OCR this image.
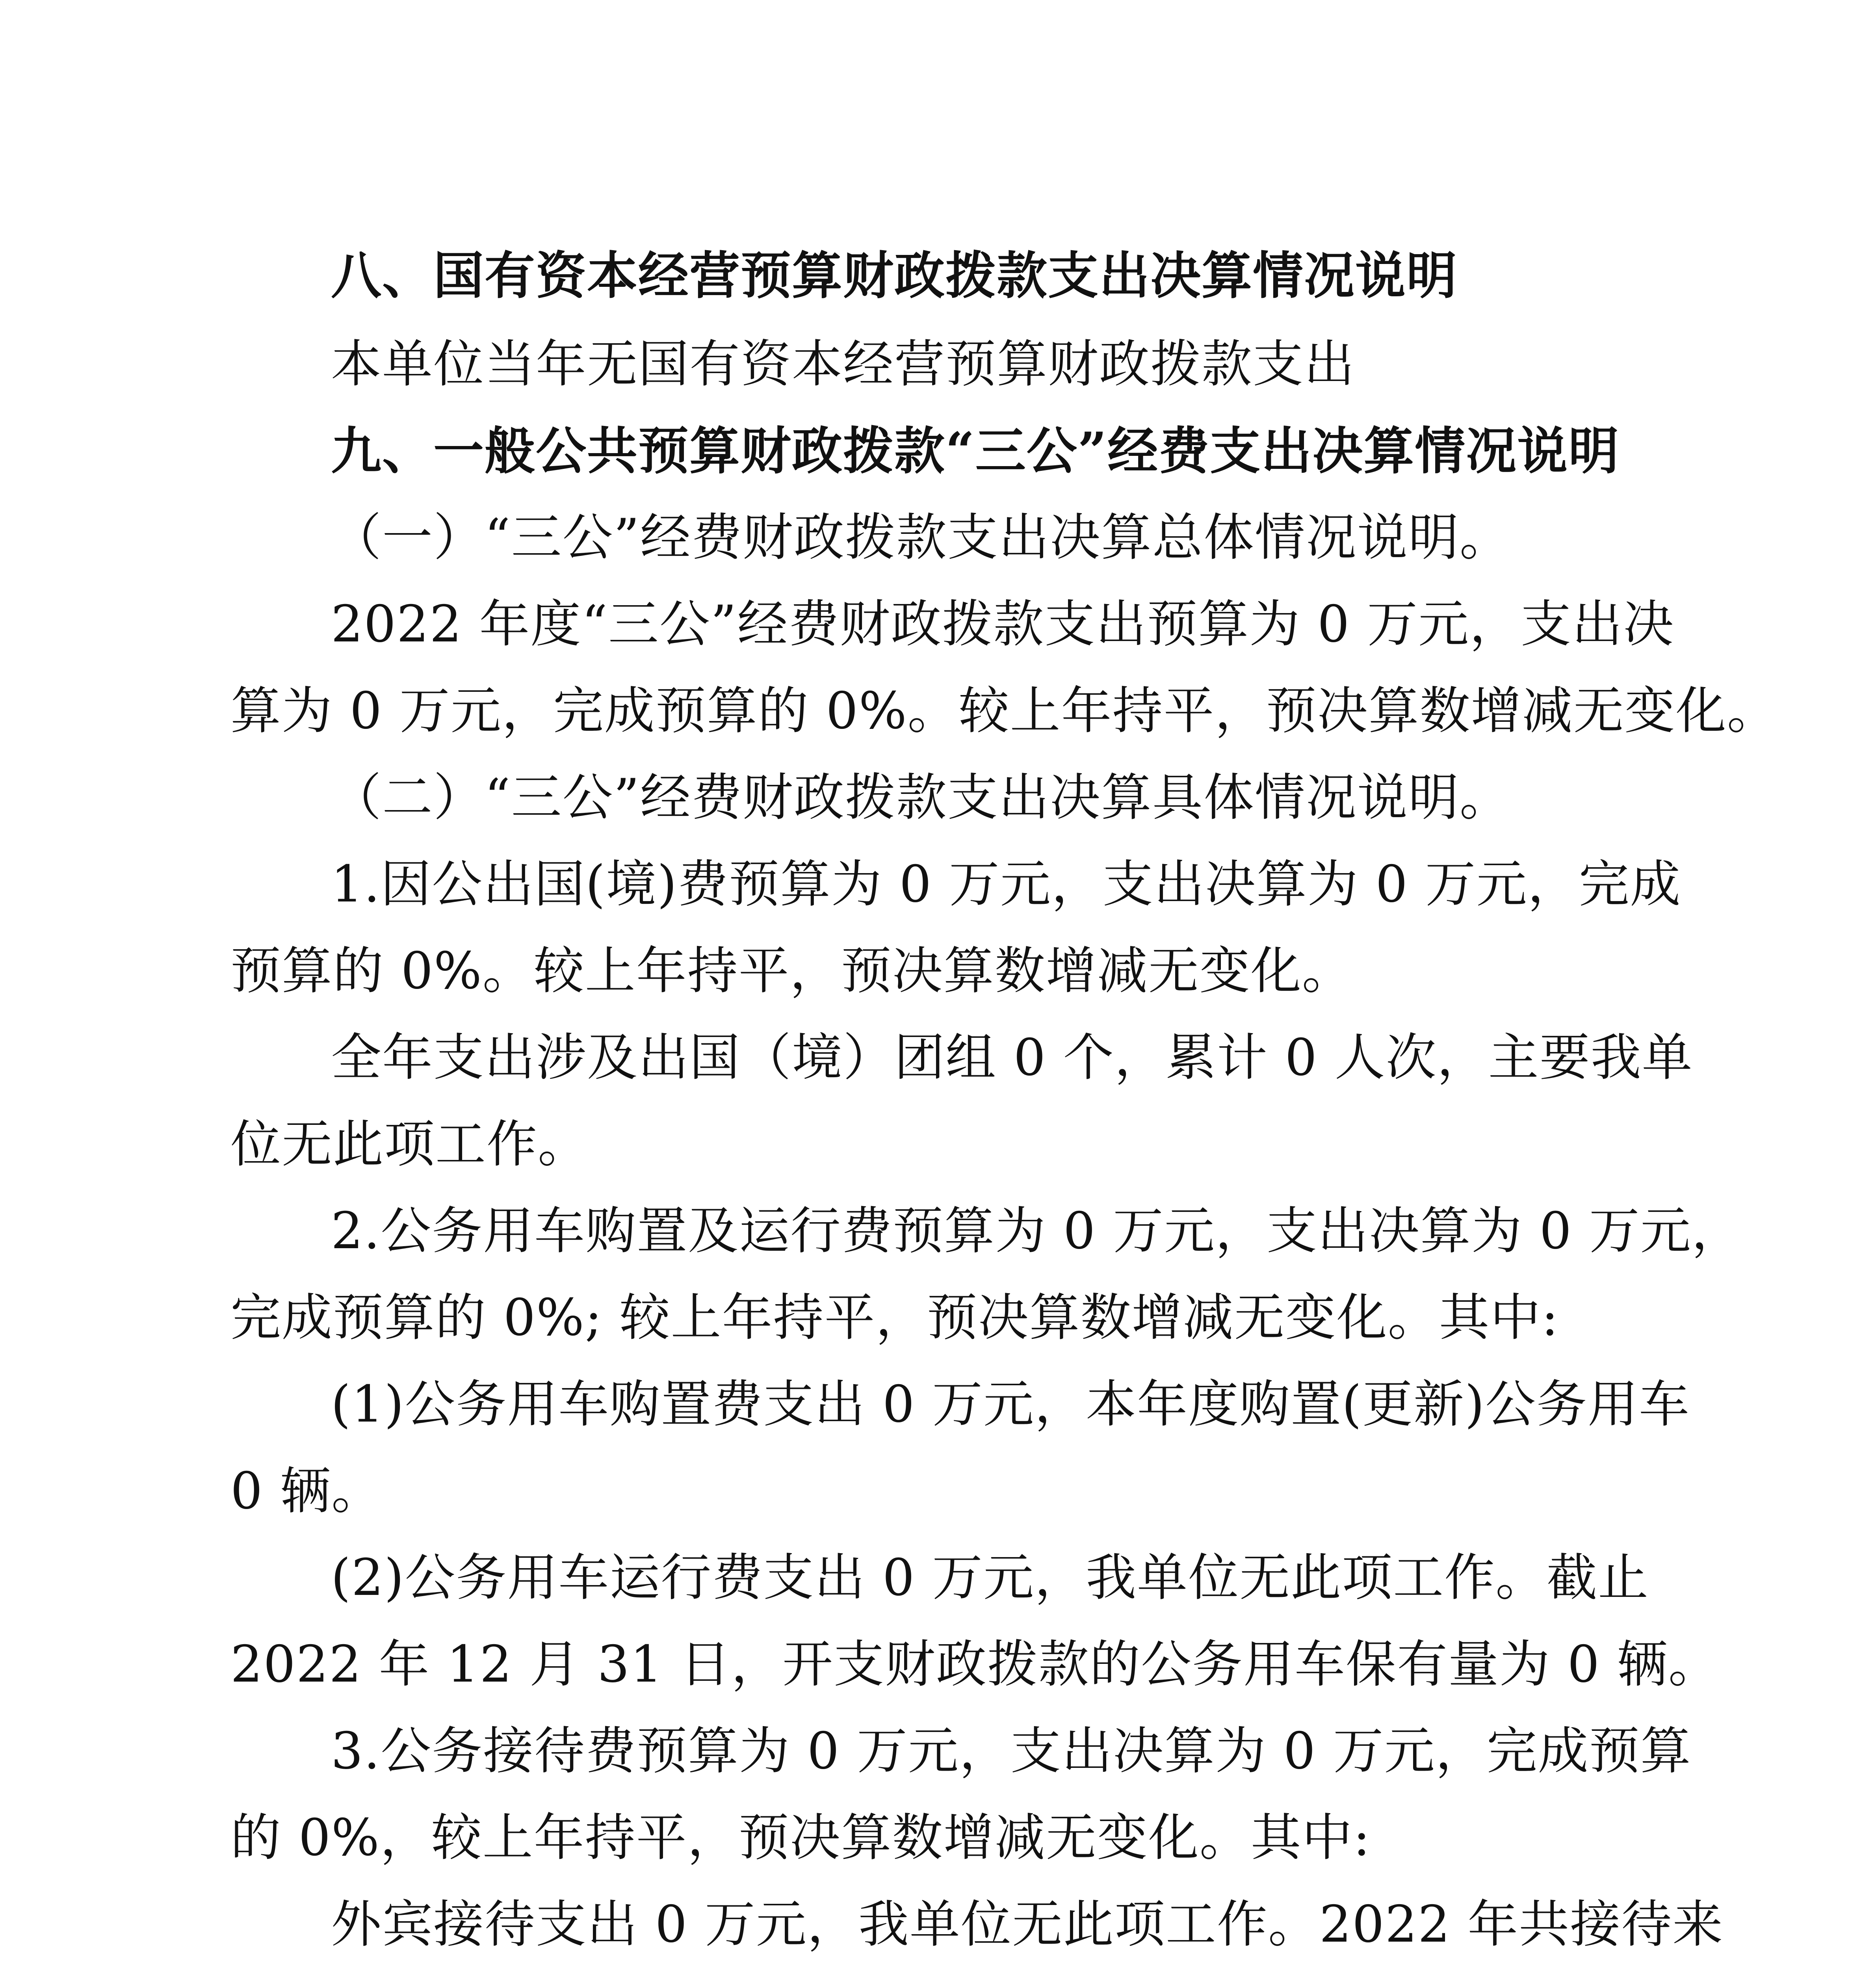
八、国有资本经营预算财政拨款支出决算情况说明
本单位当年无国有资本经营预算财政拨款支出
九、一般公共预算财政拨款“三公”经费支出决算情况说明
（一）“三公”经费财政拨款支出决算总体情况说明。
2022 年度“三公”经费财政拨款支出预算为 0 万元，支出决
算为 0 万元，完成预算的 0%。较上年持平，预决算数增减无变化。
（二）“三公”经费财政拨款支出决算具体情况说明。
1.因公出国(境)费预算为 0 万元，支出决算为 0 万元，完成
预算的 0%。较上年持平，预决算数增减无变化。
全年支出涉及出国（境）团组 0 个，累计 0 人次，主要我单
位无此项工作。
2.公务用车购置及运行费预算为 0 万元，支出决算为 0 万元，
完成预算的 0%; 较上年持平，预决算数增减无变化。其中:
(1)公务用车购置费支出 0 万元，本年度购置(更新)公务用车
0 辆。
(2)公务用车运行费支出 0 万元，我单位无此项工作。截止
2022 年 12 月 31 日，开支财政拨款的公务用车保有量为 0 辆。
3.公务接待费预算为 0 万元，支出决算为 0 万元，完成预算
的 0%，较上年持平，预决算数增减无变化。其中:
外宾接待支出 0 万元，我单位无此项工作。2022 年共接待来
